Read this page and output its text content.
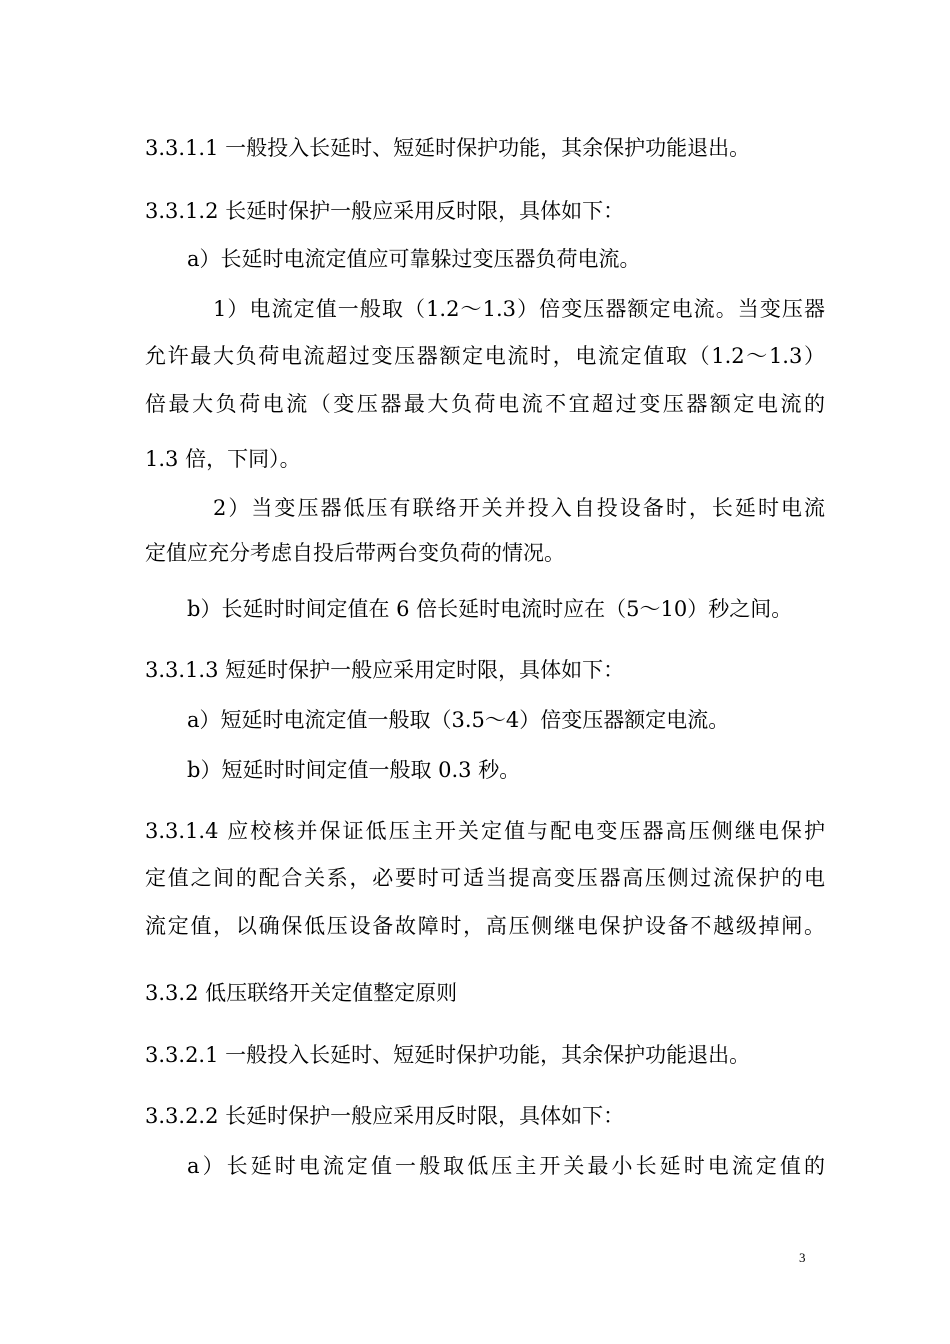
3.3.1.1 一般投入长延时、短延时保护功能，其余保护功能退出。
3.3.1.2 长延时保护一般应采用反时限，具体如下：
a）长延时电流定值应可靠躲过变压器负荷电流。
1）电流定值一般取（1.2～1.3）倍变压器额定电流。当变压器
允许最大负荷电流超过变压器额定电流时，电流定值取（1.2～1.3）
倍最大负荷电流（变压器最大负荷电流不宜超过变压器额定电流的
1.3 倍，下同）。
2）当变压器低压有联络开关并投入自投设备时，长延时电流
定值应充分考虑自投后带两台变负荷的情况。
b）长延时时间定值在 6 倍长延时电流时应在（5～10）秒之间。
3.3.1.3 短延时保护一般应采用定时限，具体如下：
a）短延时电流定值一般取（3.5～4）倍变压器额定电流。
b）短延时时间定值一般取 0.3 秒。
3.3.1.4 应校核并保证低压主开关定值与配电变压器高压侧继电保护
定值之间的配合关系，必要时可适当提高变压器高压侧过流保护的电
流定值，以确保低压设备故障时，高压侧继电保护设备不越级掉闸。
3.3.2 低压联络开关定值整定原则
3.3.2.1 一般投入长延时、短延时保护功能，其余保护功能退出。
3.3.2.2 长延时保护一般应采用反时限，具体如下：
a）长延时电流定值一般取低压主开关最小长延时电流定值的
3
